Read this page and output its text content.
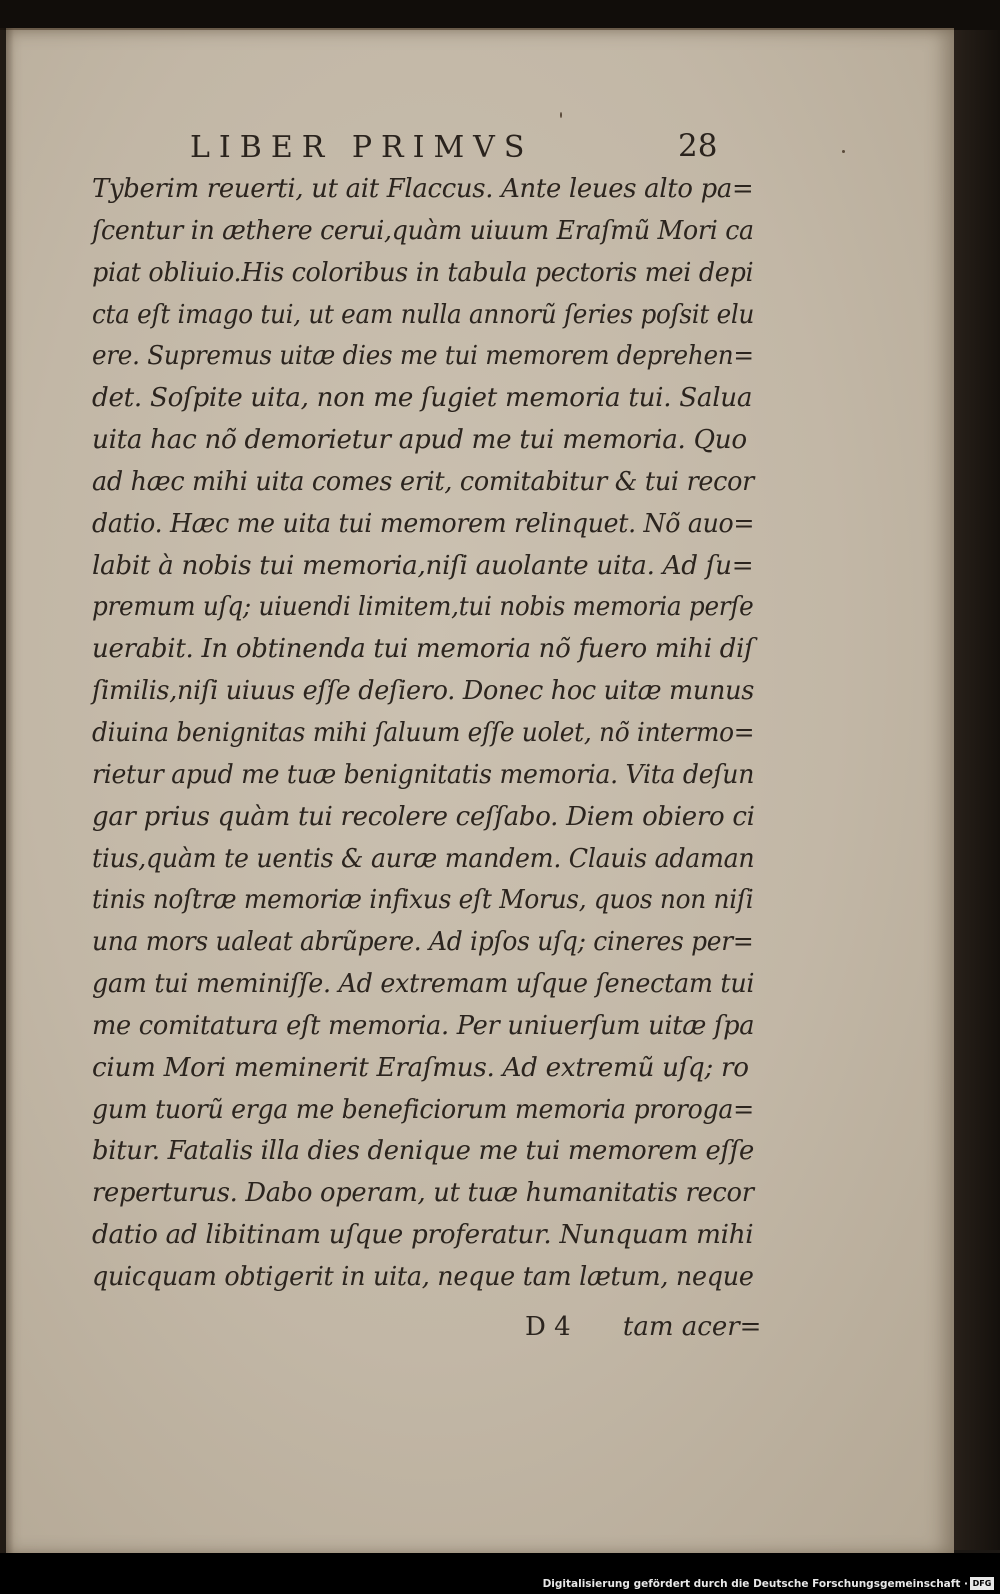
LIBER PRIMVS	28
Tyberim reuerti, ut ait Flaccus. Ante leues alto pa=
ſcentur in æthere cerui,quàm uiuum Eraſmũ Mori ca
piat obliuio.His coloribus in tabula pectoris mei depi
cta eſt imago tui, ut eam nulla annorũ ſeries poſsit elu
ere. Supremus uitæ dies me tui memorem deprehen=
det. Soſpite uita, non me ſugiet memoria tui. Salua
uita hac nõ demorietur apud me tui memoria. Quo
ad hæc mihi uita comes erit, comitabitur & tui recor
datio. Hæc me uita tui memorem relinquet. Nõ auo=
labit à nobis tui memoria,niſi auolante uita. Ad ſu=
premum uſq; uiuendi limitem,tui nobis memoria perſe
uerabit. In obtinenda tui memoria nõ fuero mihi diſ
ſimilis,niſi uiuus eſſe deſiero. Donec hoc uitæ munus
diuina benignitas mihi ſaluum eſſe uolet, nõ intermo=
rietur apud me tuæ benignitatis memoria. Vita deſun
gar prius quàm tui recolere ceſſabo. Diem obiero ci
tius,quàm te uentis & auræ mandem. Clauis adaman
tinis noſtræ memoriæ infixus eſt Morus, quos non niſi
una mors ualeat abrũpere. Ad ipſos uſq; cineres per=
gam tui meminiſſe. Ad extremam uſque ſenectam tui
me comitatura eſt memoria. Per uniuerſum uitæ ſpa
cium Mori meminerit Eraſmus. Ad extremũ uſq; ro
gum tuorũ erga me beneficiorum memoria proroga=
bitur. Fatalis illa dies denique me tui memorem eſſe
reperturus. Dabo operam, ut tuæ humanitatis recor
datio ad libitinam uſque proferatur. Nunquam mihi
quicquam obtigerit in uita, neque tam lætum, neque
D 4 tam acer=
Digitalisierung gefördert durch die Deutsche Forschungsgemeinschaft · DFG
